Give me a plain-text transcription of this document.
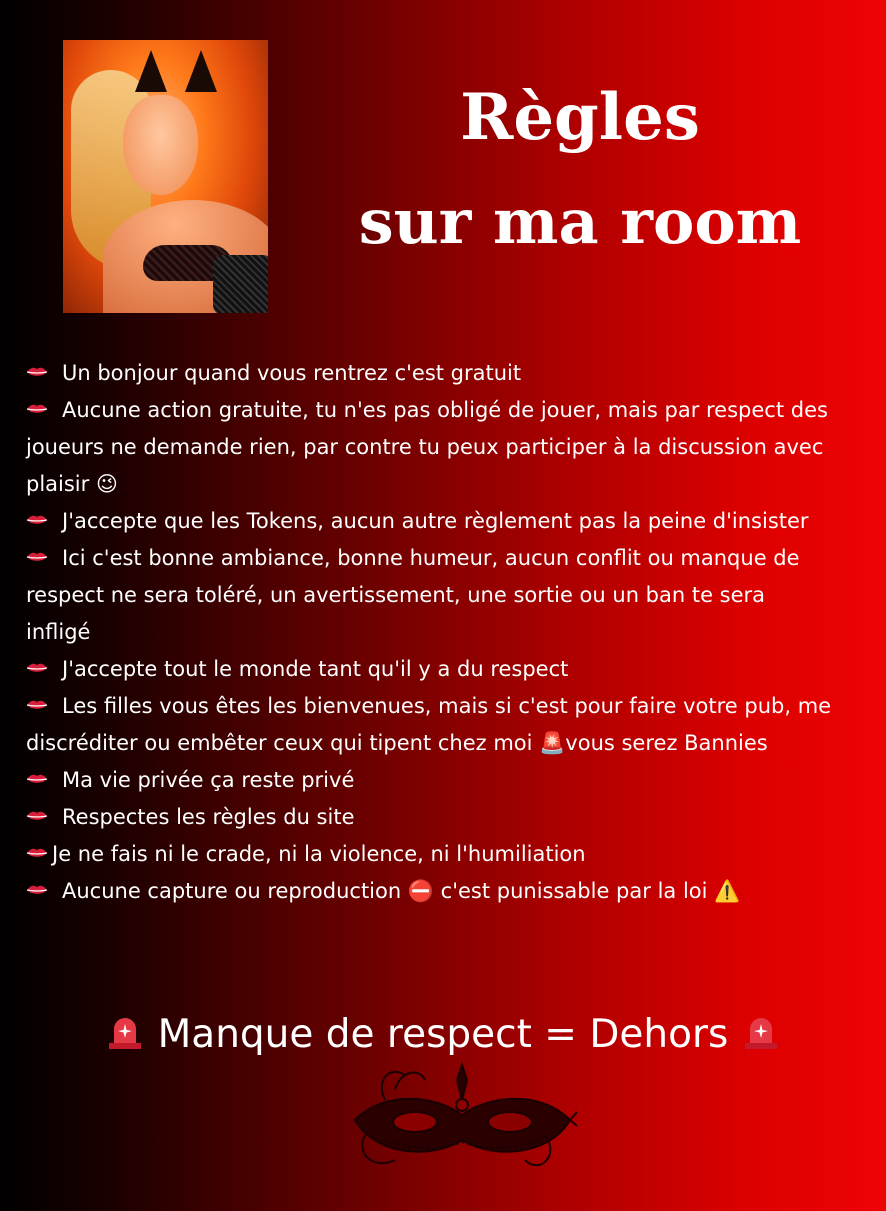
Règles
sur ma room
Un bonjour quand vous rentrez c'est gratuit
Aucune action gratuite, tu n'es pas obligé de jouer, mais par respect des
joueurs ne demande rien, par contre tu peux participer à la discussion avec
plaisir 😉
J'accepte que les Tokens, aucun autre règlement pas la peine d'insister
Ici c'est bonne ambiance, bonne humeur, aucun conflit ou manque de
respect ne sera toléré, un avertissement, une sortie ou un ban te sera
infligé
J'accepte tout le monde tant qu'il y a du respect
Les filles vous êtes les bienvenues, mais si c'est pour faire votre pub, me
discréditer ou embêter ceux qui tipent chez moi 🚨vous serez Bannies
Ma vie privée ça reste privé
Respectes les règles du site
Je ne fais ni le crade, ni la violence, ni l'humiliation
Aucune capture ou reproduction ⛔ c'est punissable par la loi ⚠️
Manque de respect = Dehors
